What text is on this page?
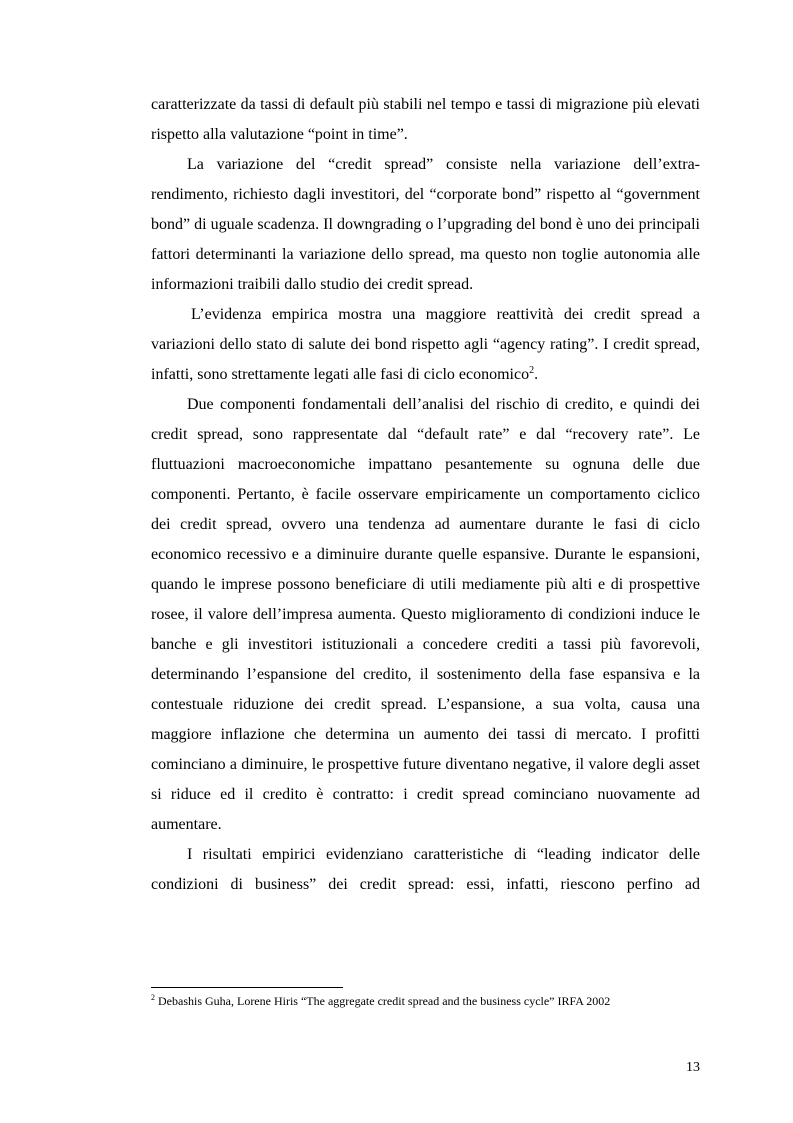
caratterizzate da tassi di default più stabili nel tempo e tassi di migrazione più elevati rispetto alla valutazione “point in time”.

La variazione del “credit spread” consiste nella variazione dell’extra-rendimento, richiesto dagli investitori, del “corporate bond” rispetto al “government bond” di uguale scadenza. Il downgrading o l’upgrading del bond è uno dei principali fattori determinanti la variazione dello spread, ma questo non toglie autonomia alle informazioni traibili dallo studio dei credit spread.

L’evidenza empirica mostra una maggiore reattività dei credit spread a variazioni dello stato di salute dei bond rispetto agli “agency rating”. I credit spread, infatti, sono strettamente legati alle fasi di ciclo economico$^2$.

Due componenti fondamentali dell’analisi del rischio di credito, e quindi dei credit spread, sono rappresentate dal “default rate” e dal “recovery rate”. Le fluttuazioni macroeconomiche impattano pesantemente su ognuna delle due componenti. Pertanto, è facile osservare empiricamente un comportamento ciclico dei credit spread, ovvero una tendenza ad aumentare durante le fasi di ciclo economico recessivo e a diminuire durante quelle espansive. Durante le espansioni, quando le imprese possono beneficiare di utili mediamente più alti e di prospettive rosee, il valore dell’impresa aumenta. Questo miglioramento di condizioni induce le banche e gli investitori istituzionali a concedere crediti a tassi più favorevoli, determinando l’espansione del credito, il sostenimento della fase espansiva e la contestuale riduzione dei credit spread. L’espansione, a sua volta, causa una maggiore inflazione che determina un aumento dei tassi di mercato. I profitti cominciano a diminuire, le prospettive future diventano negative, il valore degli asset si riduce ed il credito è contratto: i credit spread cominciano nuovamente ad aumentare.

I risultati empirici evidenziano caratteristiche di “leading indicator delle condizioni di business” dei credit spread: essi, infatti, riescono perfino ad

$^2$ Debashis Guha, Lorene Hiris “The aggregate credit spread and the business cycle” IRFA 2002
13
